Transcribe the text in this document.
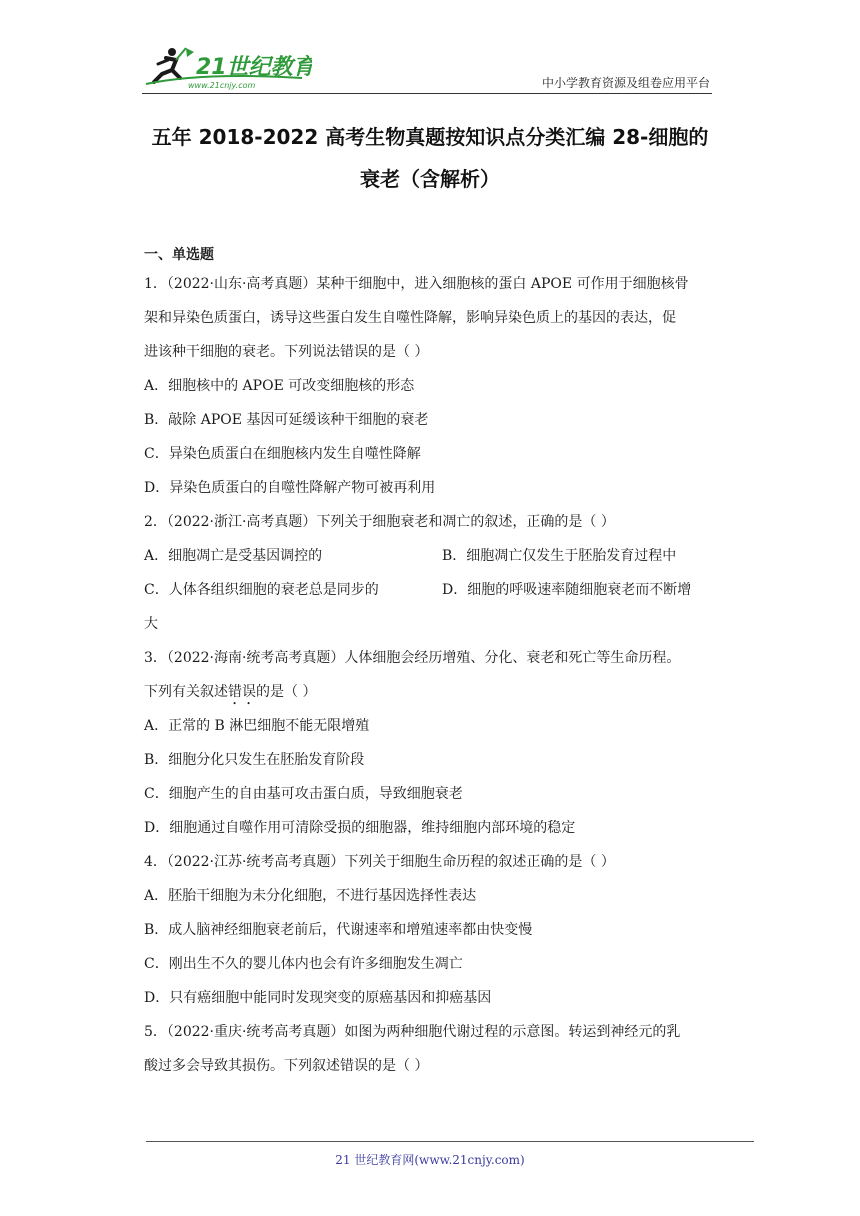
21世纪教育
www.21cnjy.com	中小学教育资源及组卷应用平台
五年 2018-2022 高考生物真题按知识点分类汇编 28-细胞的
衰老（含解析）
一、单选题
1．（2022·山东·高考真题）某种干细胞中，进入细胞核的蛋白 APOE 可作用于细胞核骨
架和异染色质蛋白，诱导这些蛋白发生自噬性降解，影响异染色质上的基因的表达，促
进该种干细胞的衰老。下列说法错误的是（ ）
A．细胞核中的 APOE 可改变细胞核的形态
B．敲除 APOE 基因可延缓该种干细胞的衰老
C．异染色质蛋白在细胞核内发生自噬性降解
D．异染色质蛋白的自噬性降解产物可被再利用
2．（2022·浙江·高考真题）下列关于细胞衰老和凋亡的叙述，正确的是（ ）
A．细胞凋亡是受基因调控的	B．细胞凋亡仅发生于胚胎发育过程中
C．人体各组织细胞的衰老总是同步的	D．细胞的呼吸速率随细胞衰老而不断增
大
3．（2022·海南·统考高考真题）人体细胞会经历增殖、分化、衰老和死亡等生命历程。
下列有关叙述错误的是（ ）
A．正常的 B 淋巴细胞不能无限增殖
B．细胞分化只发生在胚胎发育阶段
C．细胞产生的自由基可攻击蛋白质，导致细胞衰老
D．细胞通过自噬作用可清除受损的细胞器，维持细胞内部环境的稳定
4．（2022·江苏·统考高考真题）下列关于细胞生命历程的叙述正确的是（ ）
A．胚胎干细胞为未分化细胞，不进行基因选择性表达
B．成人脑神经细胞衰老前后，代谢速率和增殖速率都由快变慢
C．刚出生不久的婴儿体内也会有许多细胞发生凋亡
D．只有癌细胞中能同时发现突变的原癌基因和抑癌基因
5．（2022·重庆·统考高考真题）如图为两种细胞代谢过程的示意图。转运到神经元的乳
酸过多会导致其损伤。下列叙述错误的是（ ）
21 世纪教育网(www.21cnjy.com)
